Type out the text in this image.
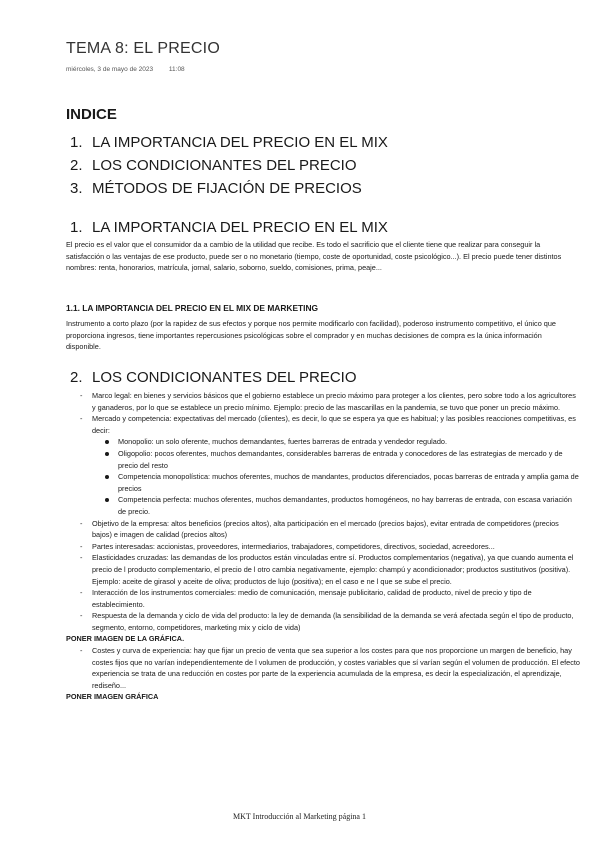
TEMA 8: EL PRECIO
miércoles, 3 de mayo de 2023 11:08
INDICE
1. LA IMPORTANCIA DEL PRECIO EN EL MIX
2. LOS CONDICIONANTES DEL PRECIO
3. MÉTODOS DE FIJACIÓN DE PRECIOS
1. LA IMPORTANCIA DEL PRECIO EN EL MIX
El precio es el valor que el consumidor da a cambio de la utilidad que recibe. Es todo el sacrificio que el cliente tiene que realizar para conseguir la satisfacción o las ventajas de ese producto, puede ser o no monetario (tiempo, coste de oportunidad, coste psicológico...). El precio puede tener distintos nombres: renta, honorarios, matrícula, jornal, salario, soborno, sueldo, comisiones, prima, peaje...
1.1. LA IMPORTANCIA DEL PRECIO EN EL MIX DE MARKETING
Instrumento a corto plazo (por la rapidez de sus efectos y porque nos permite modificarlo con facilidad), poderoso instrumento competitivo, el único que proporciona ingresos, tiene importantes repercusiones psicológicas sobre el comprador y en muchas decisiones de compra es la única información disponible.
2. LOS CONDICIONANTES DEL PRECIO
- Marco legal: en bienes y servicios básicos que el gobierno establece un precio máximo para proteger a los clientes, pero sobre todo a los agricultores y ganaderos, por lo que se establece un precio mínimo. Ejemplo: precio de las mascarillas en la pandemia, se tuvo que poner un precio máximo.
- Mercado y competencia: expectativas del mercado (clientes), es decir, lo que se espera ya que es habitual; y las posibles reacciones competitivas, es decir:
Monopolio: un solo oferente, muchos demandantes, fuertes barreras de entrada y vendedor regulado.
Oligopolio: pocos oferentes, muchos demandantes, considerables barreras de entrada y conocedores de las estrategias de mercado y de precio del resto
Competencia monopolística: muchos oferentes, muchos de mandantes, productos diferenciados, pocas barreras de entrada y amplia gama de precios
Competencia perfecta: muchos oferentes, muchos demandantes, productos homogéneos, no hay barreras de entrada, con escasa variación de precio.
- Objetivo de la empresa: altos beneficios (precios altos), alta participación en el mercado (precios bajos), evitar entrada de competidores (precios bajos) e imagen de calidad (precios altos)
- Partes interesadas: accionistas, proveedores, intermediarios, trabajadores, competidores, directivos, sociedad, acreedores...
- Elasticidades cruzadas: las demandas de los productos están vinculadas entre sí. Productos complementarios (negativa), ya que cuando aumenta el precio de l producto complementario, el precio de l otro cambia negativamente, ejemplo: champú y acondicionador; productos sustitutivos (positiva). Ejemplo: aceite de girasol y aceite de oliva; productos de lujo (positiva); en el caso e ne l que se sube el precio.
- Interacción de los instrumentos comerciales: medio de comunicación, mensaje publicitario, calidad de producto, nivel de precio y tipo de establecimiento.
- Respuesta de la demanda y ciclo de vida del producto: la ley de demanda (la sensibilidad de la demanda se verá afectada según el tipo de producto, segmento, entorno, competidores, marketing mix y ciclo de vida)
PONER IMAGEN DE LA GRÁFICA.
- Costes y curva de experiencia: hay que fijar un precio de venta que sea superior a los costes para que nos proporcione un margen de beneficio, hay costes fijos que no varían independientemente de l volumen de producción, y costes variables que sí varían según el volumen de producción. El efecto experiencia se trata de una reducción en costes por parte de la experiencia acumulada de la empresa, es decir la especialización, el aprendizaje, rediseño...
PONER IMAGEN GRÁFICA
MKT Introducción al Marketing página 1
